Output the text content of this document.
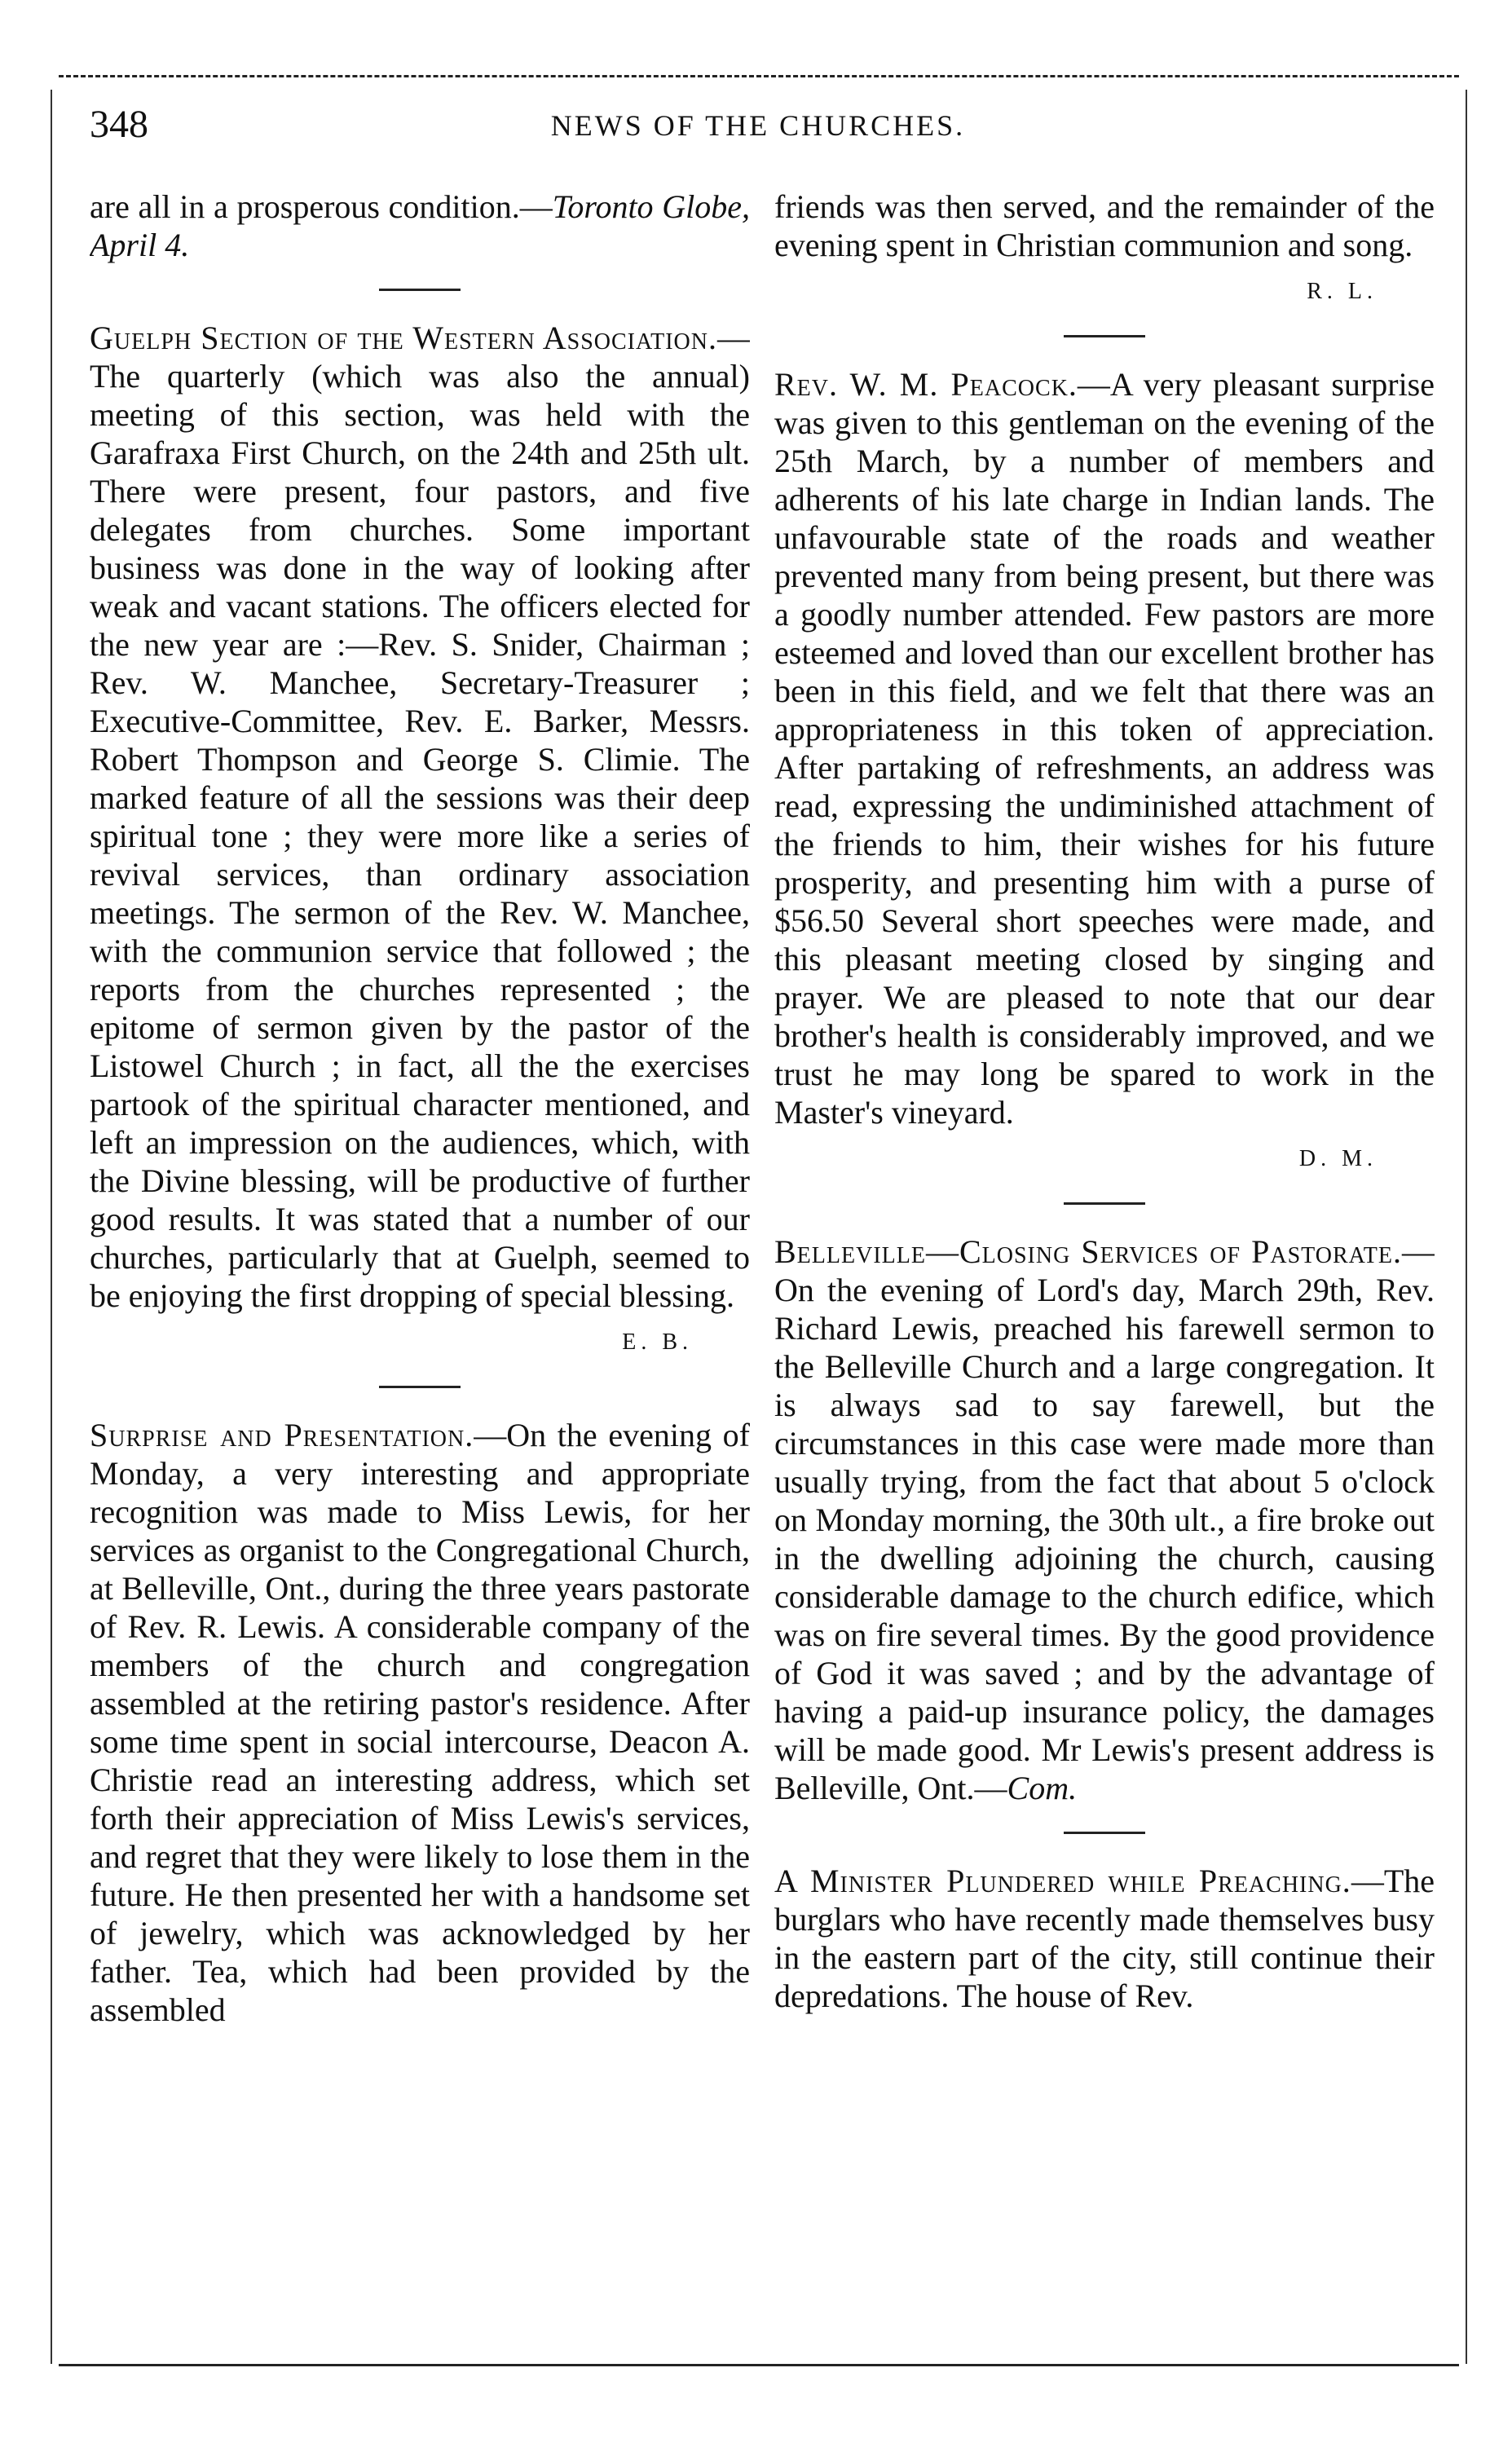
348	NEWS OF THE CHURCHES.

are all in a prosperous condition.—Toronto Globe, April 4.

Guelph Section of the Western Association.—The quarterly (which was also the annual) meeting of this section, was held with the Garafraxa First Church, on the 24th and 25th ult. There were present, four pastors, and five delegates from churches. Some important business was done in the way of looking after weak and vacant stations. The officers elected for the new year are :—Rev. S. Snider, Chairman ; Rev. W. Manchee, Secretary-Treasurer ; Executive-Committee, Rev. E. Barker, Messrs. Robert Thompson and George S. Climie. The marked feature of all the sessions was their deep spiritual tone ; they were more like a series of revival services, than ordinary association meetings. The sermon of the Rev. W. Manchee, with the communion service that followed ; the reports from the churches represented ; the epitome of sermon given by the pastor of the Listowel Church ; in fact, all the the exercises partook of the spiritual character mentioned, and left an impression on the audiences, which, with the Divine blessing, will be productive of further good results. It was stated that a number of our churches, particularly that at Guelph, seemed to be enjoying the first dropping of special blessing.

E. B.

Surprise and Presentation.—On the evening of Monday, a very interesting and appropriate recognition was made to Miss Lewis, for her services as organist to the Congregational Church, at Belleville, Ont., during the three years pastorate of Rev. R. Lewis. A considerable company of the members of the church and congregation assembled at the retiring pastor's residence. After some time spent in social intercourse, Deacon A. Christie read an interesting address, which set forth their appreciation of Miss Lewis's services, and regret that they were likely to lose them in the future. He then presented her with a handsome set of jewelry, which was acknowledged by her father. Tea, which had been provided by the assembled

friends was then served, and the remainder of the evening spent in Christian communion and song.

R. L.

Rev. W. M. Peacock.—A very pleasant surprise was given to this gentleman on the evening of the 25th March, by a number of members and adherents of his late charge in Indian lands. The unfavourable state of the roads and weather prevented many from being present, but there was a goodly number attended. Few pastors are more esteemed and loved than our excellent brother has been in this field, and we felt that there was an appropriateness in this token of appreciation. After partaking of refreshments, an address was read, expressing the undiminished attachment of the friends to him, their wishes for his future prosperity, and presenting him with a purse of $56.50 Several short speeches were made, and this pleasant meeting closed by singing and prayer. We are pleased to note that our dear brother's health is considerably improved, and we trust he may long be spared to work in the Master's vineyard.

D. M.

Belleville—Closing Services of Pastorate.—On the evening of Lord's day, March 29th, Rev. Richard Lewis, preached his farewell sermon to the Belleville Church and a large congregation. It is always sad to say farewell, but the circumstances in this case were made more than usually trying, from the fact that about 5 o'clock on Monday morning, the 30th ult., a fire broke out in the dwelling adjoining the church, causing considerable damage to the church edifice, which was on fire several times. By the good providence of God it was saved ; and by the advantage of having a paid-up insurance policy, the damages will be made good. Mr Lewis's present address is Belleville, Ont.—Com.

A Minister Plundered while Preaching.—The burglars who have recently made themselves busy in the eastern part of the city, still continue their depredations. The house of Rev.
